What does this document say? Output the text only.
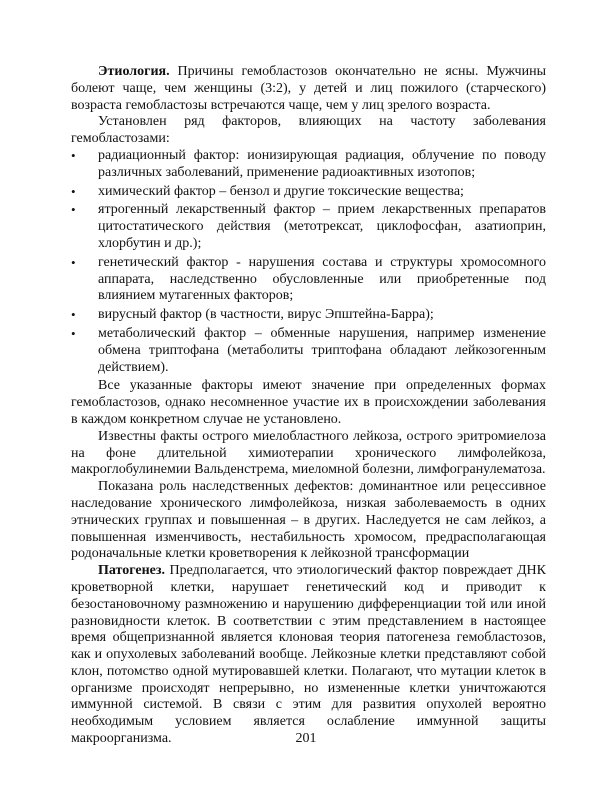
Этиология. Причины гемобластозов окончательно не ясны. Мужчины болеют чаще, чем женщины (3:2), у детей и лиц пожилого (старческого) возраста гемобластозы встречаются чаще, чем у лиц зрелого возраста.

Установлен ряд факторов, влияющих на частоту заболевания гемобластозами:

• радиационный фактор: ионизирующая радиация, облучение по поводу различных заболеваний, применение радиоактивных изотопов;
• химический фактор – бензол и другие токсические вещества;
• ятрогенный лекарственный фактор – прием лекарственных препаратов цитостатического действия (метотрексат, циклофосфан, азатиоприн, хлорбутин и др.);
• генетический фактор - нарушения состава и структуры хромосомного аппарата, наследственно обусловленные или приобретенные под влиянием мутагенных факторов;
• вирусный фактор (в частности, вирус Эпштейна-Барра);
• метаболический фактор – обменные нарушения, например изменение обмена триптофана (метаболиты триптофана обладают лейкозогенным действием).

Все указанные факторы имеют значение при определенных формах гемобластозов, однако несомненное участие их в происхождении заболевания в каждом конкретном случае не установлено.

Известны факты острого миелобластного лейкоза, острого эритромиелоза на фоне длительной химиотерапии хронического лимфолейкоза, макроглобулинемии Вальденстрема, миеломной болезни, лимфогранулематоза.

Показана роль наследственных дефектов: доминантное или рецессивное наследование хронического лимфолейкоза, низкая заболеваемость в одних этнических группах и повышенная – в других. Наследуется не сам лейкоз, а повышенная изменчивость, нестабильность хромосом, предрасполагающая родоначальные клетки кроветворения к лейкозной трансформации

Патогенез. Предполагается, что этиологический фактор повреждает ДНК кроветворной клетки, нарушает генетический код и приводит к безостановочному размножению и нарушению дифференциации той или иной разновидности клеток. В соответствии с этим представлением в настоящее время общепризнанной является клоновая теория патогенеза гемобластозов, как и опухолевых заболеваний вообще. Лейкозные клетки представляют собой клон, потомство одной мутировавшей клетки. Полагают, что мутации клеток в организме происходят непрерывно, но измененные клетки уничтожаются иммунной системой. В связи с этим для развития опухолей вероятно необходимым условием является ослабление иммунной защиты макроорганизма.	201
